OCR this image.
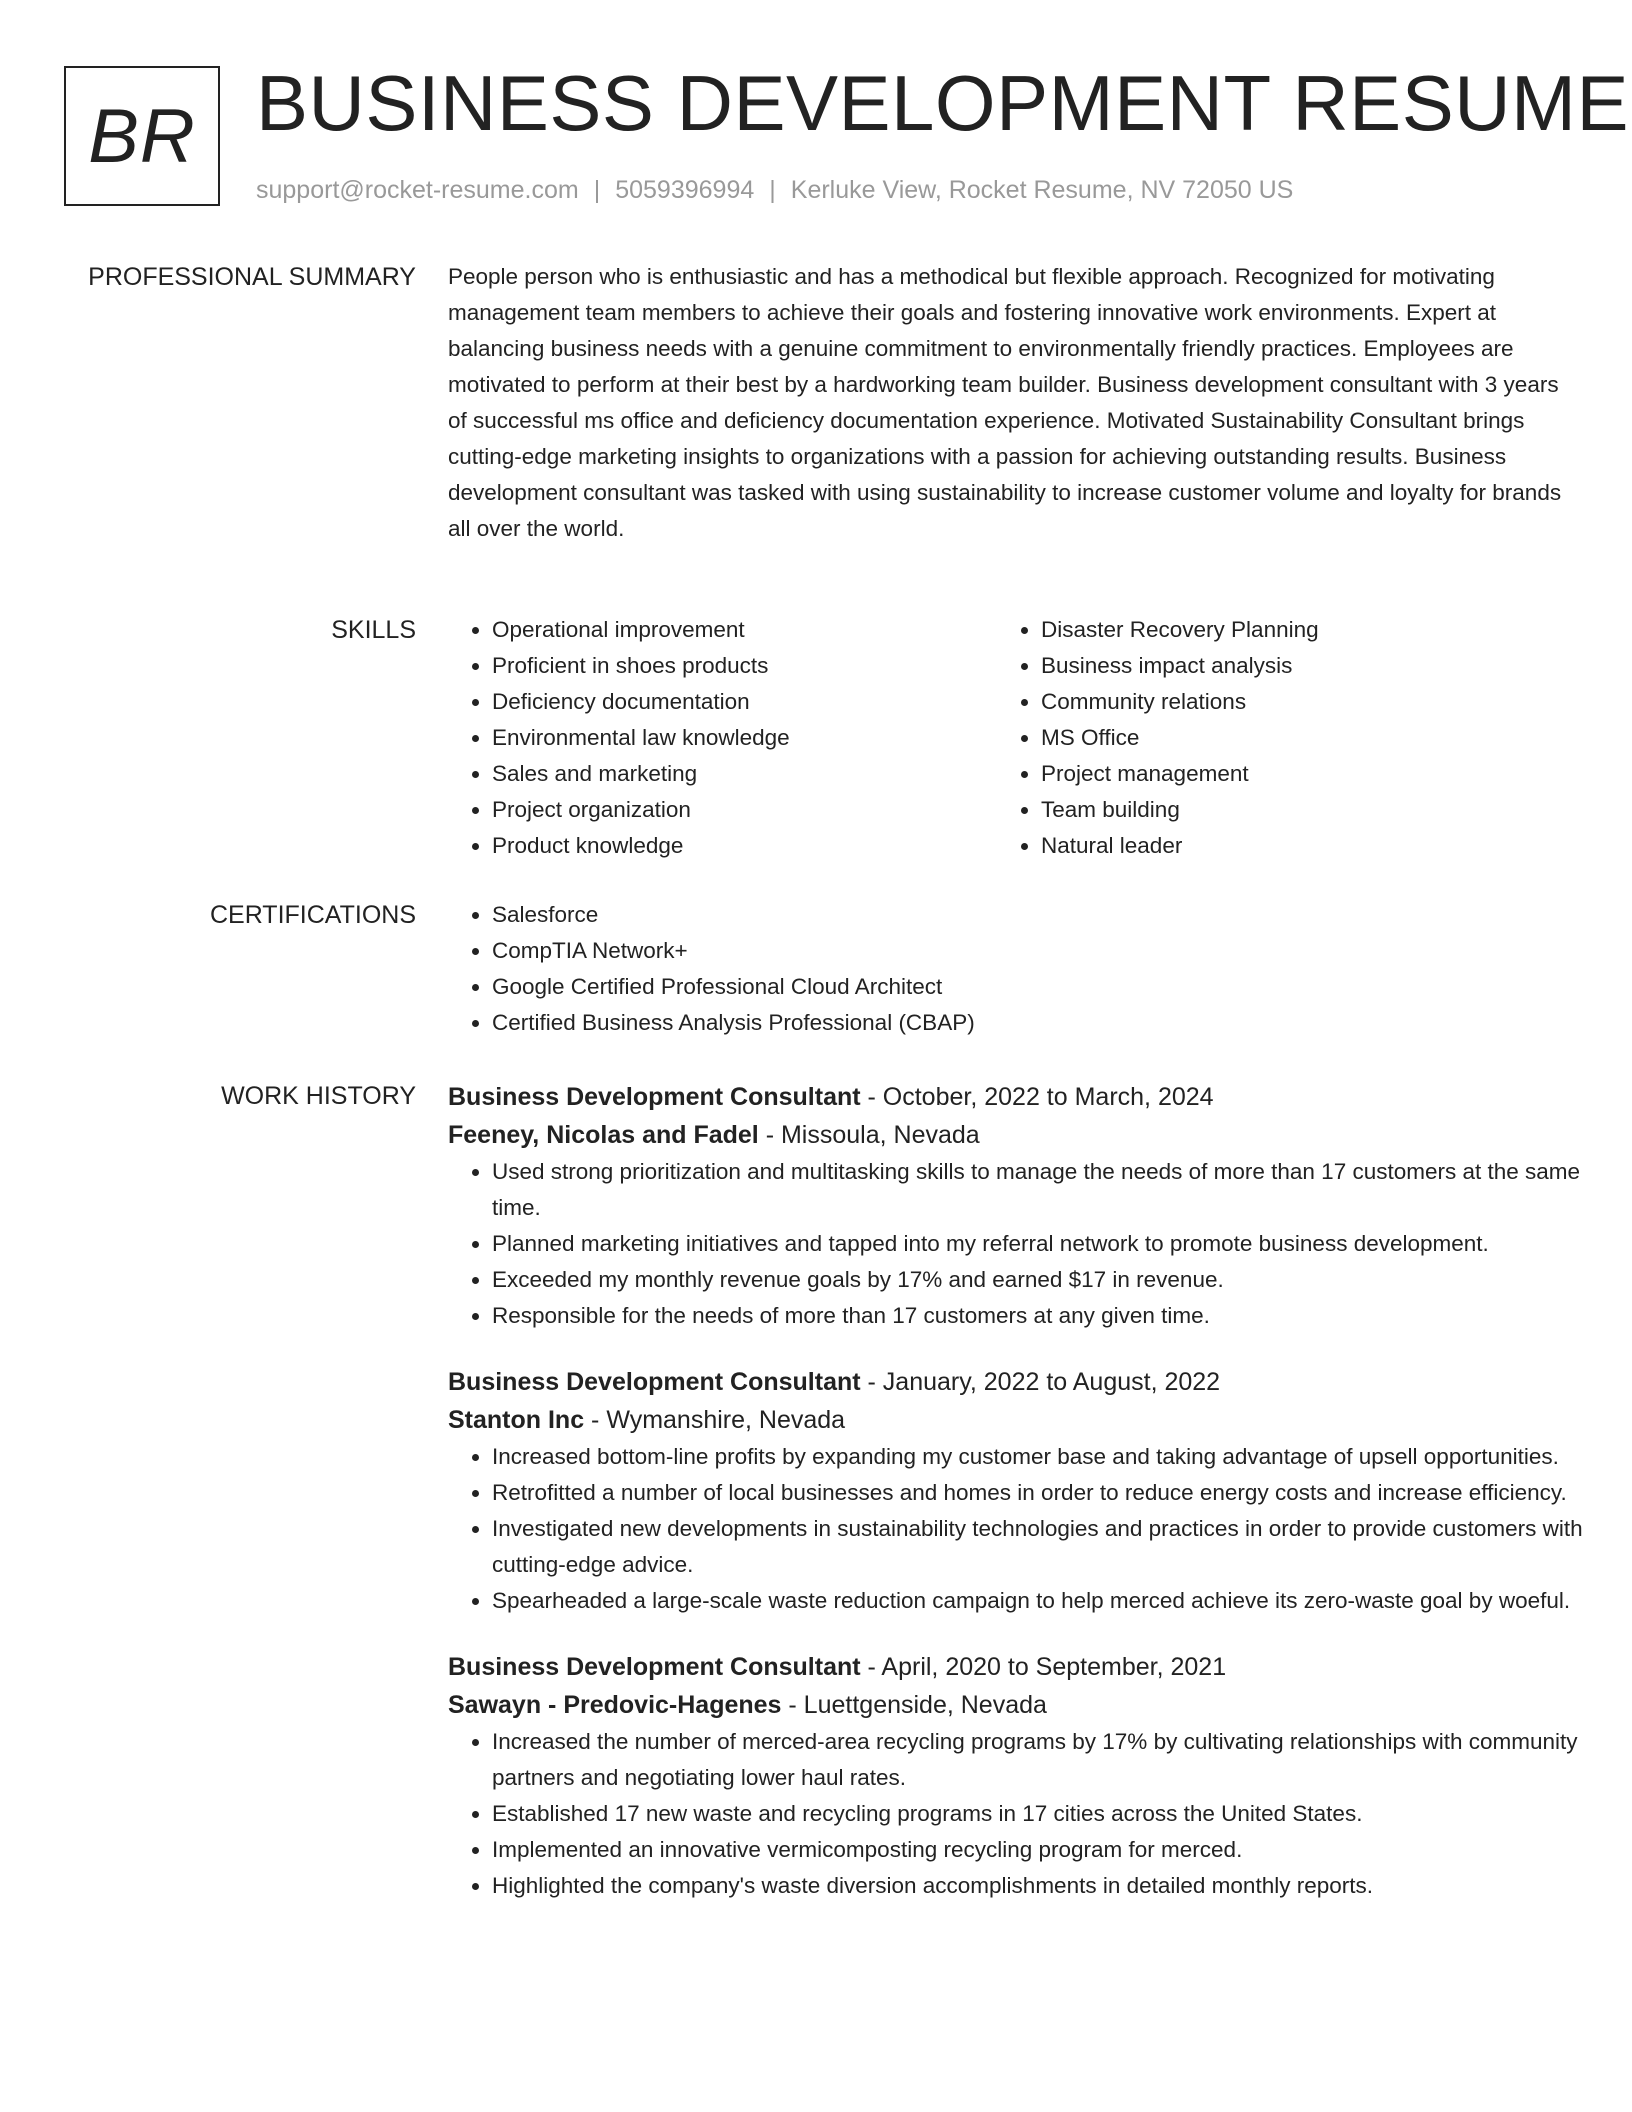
BR BUSINESS DEVELOPMENT RESUME
support@rocket-resume.com | 5059396994 | Kerluke View, Rocket Resume, NV 72050 US
PROFESSIONAL SUMMARY People person who is enthusiastic and has a methodical but flexible approach. Recognized for motivating management team members to achieve their goals and fostering innovative work environments. Expert at balancing business needs with a genuine commitment to environmentally friendly practices. Employees are motivated to perform at their best by a hardworking team builder. Business development consultant with 3 years of successful ms office and deficiency documentation experience. Motivated Sustainability Consultant brings cutting-edge marketing insights to organizations with a passion for achieving outstanding results. Business development consultant was tasked with using sustainability to increase customer volume and loyalty for brands all over the world.

SKILLS	• Operational improvement
• Proficient in shoes products
• Deficiency documentation
• Environmental law knowledge
• Sales and marketing
• Project organization
• Product knowledge
• Disaster Recovery Planning
• Business impact analysis
• Community relations
• MS Office
• Project management
• Team building
• Natural leader
CERTIFICATIONS	• Salesforce
• CompTIA Network+
• Google Certified Professional Cloud Architect
• Certified Business Analysis Professional (CBAP)
WORK HISTORY Business Development Consultant - October, 2022 to March, 2024
Feeney, Nicolas and Fadel - Missoula, Nevada
• Used strong prioritization and multitasking skills to manage the needs of more than 17 customers at the same time.
• Planned marketing initiatives and tapped into my referral network to promote business development.
• Exceeded my monthly revenue goals by 17% and earned $17 in revenue.
• Responsible for the needs of more than 17 customers at any given time.
Business Development Consultant - January, 2022 to August, 2022
Stanton Inc - Wymanshire, Nevada
• Increased bottom-line profits by expanding my customer base and taking advantage of upsell opportunities.
• Retrofitted a number of local businesses and homes in order to reduce energy costs and increase efficiency.
• Investigated new developments in sustainability technologies and practices in order to provide customers with cutting-edge advice.
• Spearheaded a large-scale waste reduction campaign to help merced achieve its zero-waste goal by woeful.
Business Development Consultant - April, 2020 to September, 2021
Sawayn - Predovic-Hagenes - Luettgenside, Nevada
• Increased the number of merced-area recycling programs by 17% by cultivating relationships with community partners and negotiating lower haul rates.
• Established 17 new waste and recycling programs in 17 cities across the United States.
• Implemented an innovative vermicomposting recycling program for merced.
• Highlighted the company's waste diversion accomplishments in detailed monthly reports.
